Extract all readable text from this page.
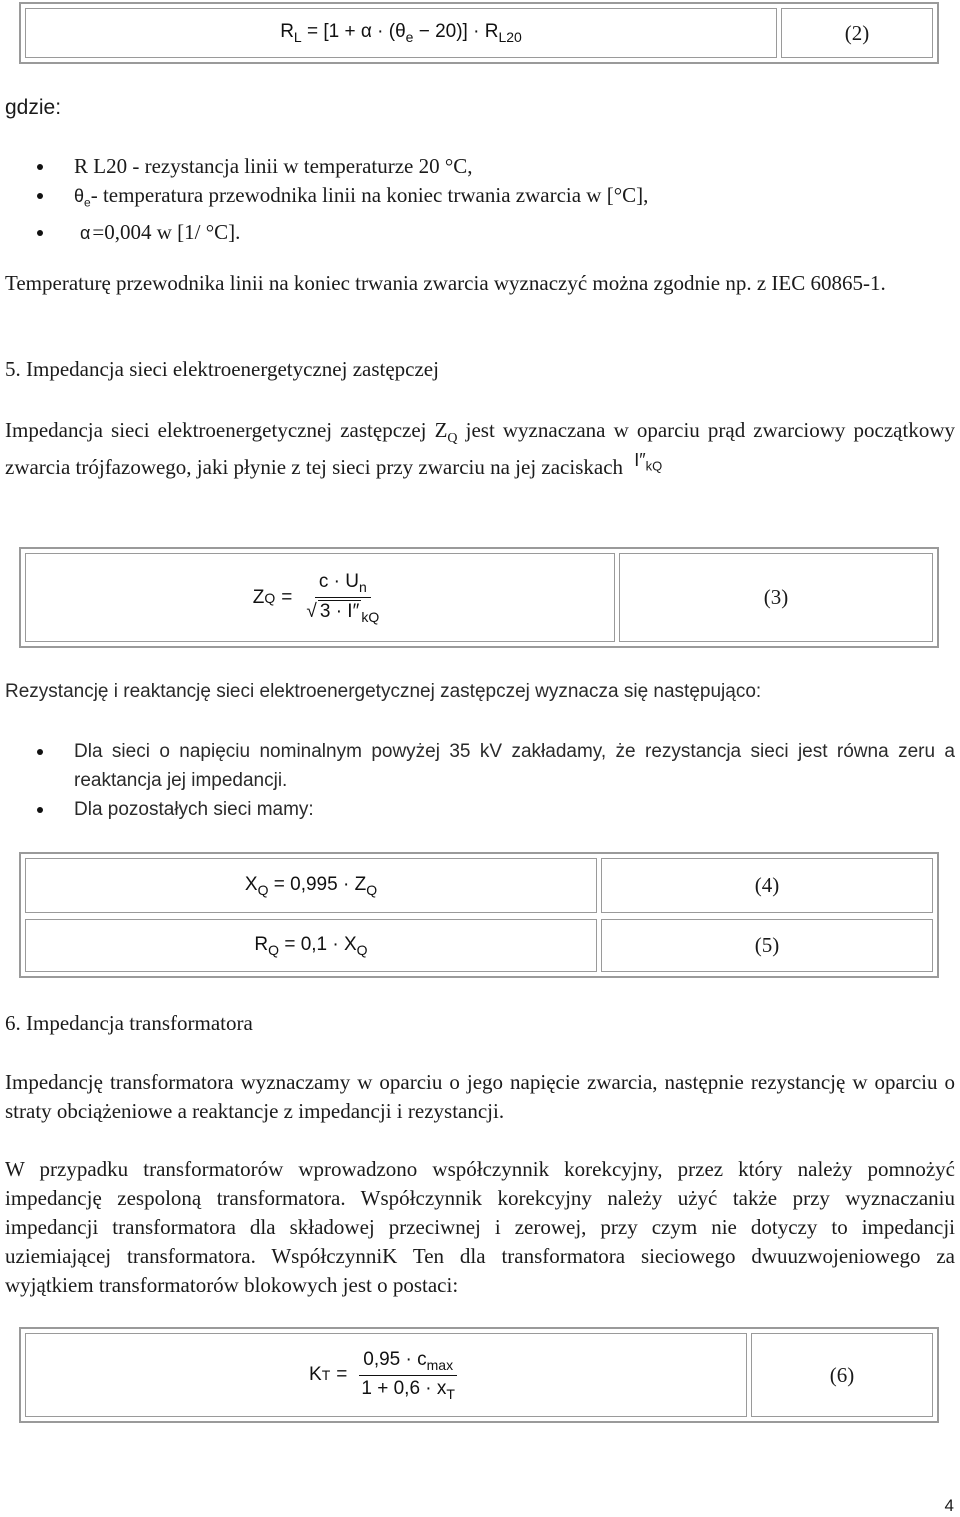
$R_L = [1 + \alpha \cdot (\theta_e - 20)] \cdot R_{L20}$	(2)
gdzie:
R L20 - rezystancja linii w temperaturze 20 °C,
$\theta_e-$ temperatura przewodnika linii na koniec trwania zwarcia w [°C],
α=0,004 w [1/ °C].
Temperaturę przewodnika linii na koniec trwania zwarcia wyznaczyć można zgodnie np. z IEC 60865-1.
5. Impedancja sieci elektroenergetycznej zastępczej
Impedancja sieci elektroenergetycznej zastępczej $Z_Q$ jest wyznaczana w oparciu prąd zwarciowy początkowy zwarcia trójfazowego, jaki płynie z tej sieci przy zwarciu na jej zaciskach $I''_{kQ}$
Z $Q = \frac{c \cdot U_n}{√ 3 \cdot I'' _{kQ}}$	(3)
Rezystancję i reaktancję sieci elektroenergetycznej zastępczej wyznacza się następująco:
Dla sieci o napięciu nominalnym powyżej 35 kV zakładamy, że rezystancja sieci jest równa zeru a reaktancja jej impedancji.
Dla pozostałych sieci mamy:
$X_Q = 0,995 \cdot Z_Q$	(4)
$R_Q = 0,1 \cdot X_Q$	(5)
6. Impedancja transformatora
Impedancję transformatora wyznaczamy w oparciu o jego napięcie zwarcia, następnie rezystancję w oparciu o straty obciążeniowe a reaktancje z impedancji i rezystancji.
W przypadku transformatorów wprowadzono współczynnik korekcyjny, przez który należy pomnożyć impedancję zespoloną transformatora. Współczynnik korekcyjny należy użyć także przy wyznaczaniu impedancji transformatora dla składowej przeciwnej i zerowej, przy czym nie dotyczy to impedancji uziemiającej transformatora. WspółczynniK Ten dla transformatora sieciowego dwuuzwojeniowego za wyjątkiem transformatorów blokowych jest o postaci:
K $T = \frac{0,95 \cdot c_{max}}{1 + 0,6 \cdot x_T}$	(6)
4
